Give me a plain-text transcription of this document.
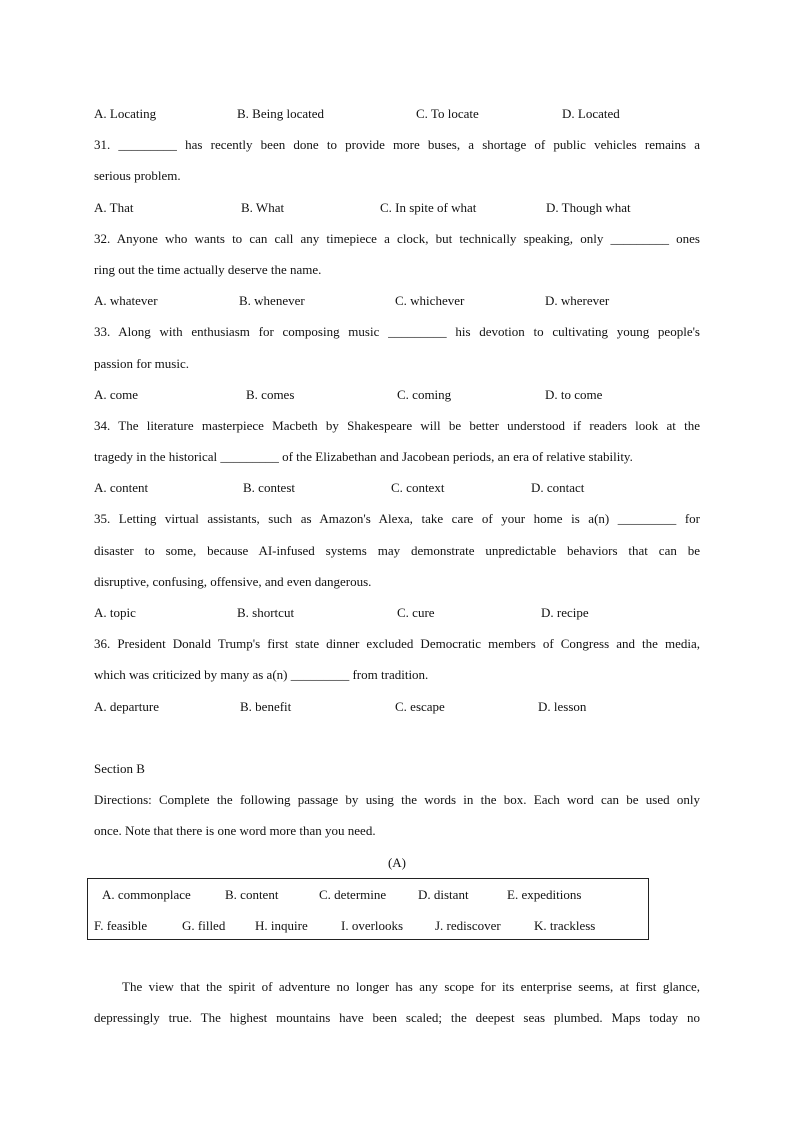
A. Locating	B. Being located	C. To locate	D. Located
31. _________ has recently been done to provide more buses, a shortage of public vehicles remains a
serious problem.
A. That	B. What	C. In spite of what	D. Though what
32. Anyone who wants to can call any timepiece a clock, but technically speaking, only _________ ones
ring out the time actually deserve the name.
A. whatever	B. whenever	C. whichever	D. wherever
33. Along with enthusiasm for composing music _________ his devotion to cultivating young people's
passion for music.
A. come	B. comes	C. coming	D. to come
34. The literature masterpiece Macbeth by Shakespeare will be better understood if readers look at the
tragedy in the historical _________ of the Elizabethan and Jacobean periods, an era of relative stability.
A. content	B. contest	C. context	D. contact
35. Letting virtual assistants, such as Amazon's Alexa, take care of your home is a(n) _________ for
disaster to some, because AI-infused systems may demonstrate unpredictable behaviors that can be
disruptive, confusing, offensive, and even dangerous.
A. topic	B. shortcut	C. cure	D. recipe
36. President Donald Trump's first state dinner excluded Democratic members of Congress and the media,
which was criticized by many as a(n) _________ from tradition.
A. departure	B. benefit	C. escape	D. lesson
Section B
Directions: Complete the following passage by using the words in the box. Each word can be used only
once. Note that there is one word more than you need.
(A)
A. commonplace	B. content	C. determine D. distant	E. expeditions
F. feasible	G. filled H. inquire	I. overlooks J. rediscover	K. trackless
The view that the spirit of adventure no longer has any scope for its enterprise seems, at first glance,
depressingly true. The highest mountains have been scaled; the deepest seas plumbed. Maps today no
